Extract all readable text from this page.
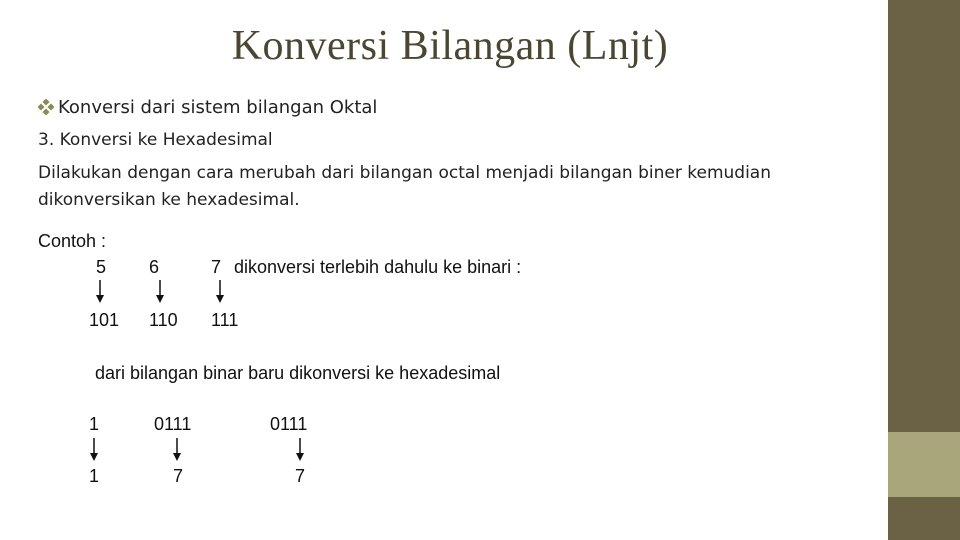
Konversi Bilangan (Lnjt)
Konversi dari sistem bilangan Oktal
3. Konversi ke Hexadesimal
Dilakukan dengan cara merubah dari bilangan octal menjadi bilangan biner kemudian
dikonversikan ke hexadesimal.
Contoh :
5 6	7 dikonversi terlebih dahulu ke binari :
101 110 111
dari bilangan binar baru dikonversi ke hexadesimal
1	0111	0111
1	7	7
